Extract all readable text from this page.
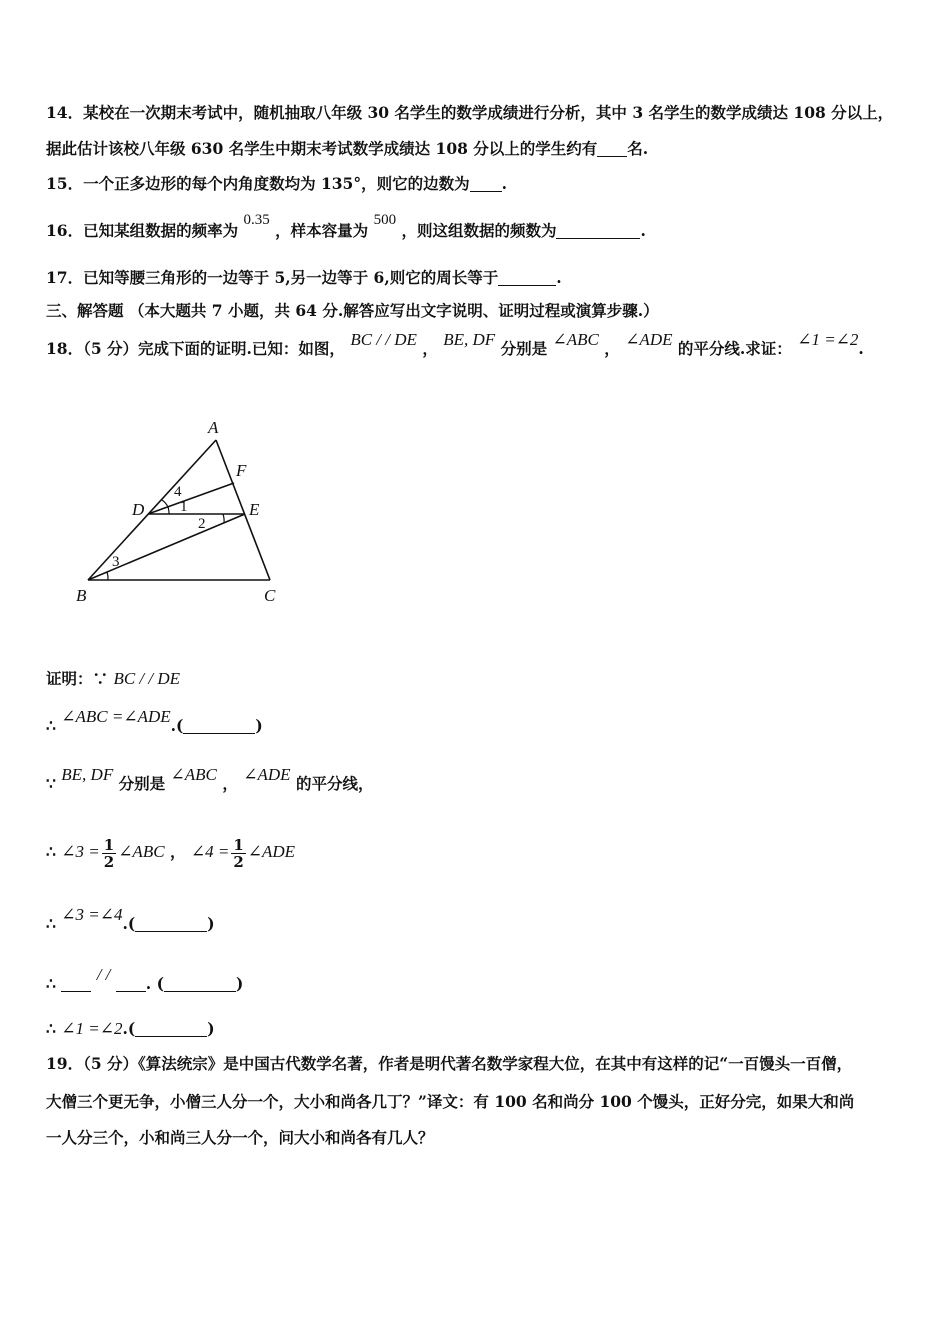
14．某校在一次期末考试中，随机抽取八年级 30 名学生的数学成绩进行分析，其中 3 名学生的数学成绩达 108 分以上，
据此估计该校八年级 630 名学生中期末考试数学成绩达 108 分以上的学生约有 名.
15．一个正多边形的每个内角度数均为 135°，则它的边数为 .
16．已知某组数据的频率为 0.35 ，样本容量为 500 ，则这组数据的频数为	.
17．已知等腰三角形的一边等于 5,另一边等于 6,则它的周长等于	.
三、解答题 （本大题共 7 小题，共 64 分.解答应写出文字说明、证明过程或演算步骤.）
18．（5 分）完成下面的证明.已知：如图， BC / / DE ， BE, DF 分别是 ∠ABC ， ∠ADE 的平分线.求证： ∠1 =∠2.
A
B	C
D	E
F
4
1
2
3
证明：∵ BC / / DE
∴ ∠ABC =∠ADE.(	)
∵ BE, DF 分别是 ∠ABC ， ∠ADE 的平分线，
∴ ∠3 = $\frac{1}{2}$ ∠ABC ， ∠4 = $\frac{1}{2}$ ∠ADE
∴ ∠3 =∠4.(	)
∴ / / . (	)
∴ ∠1 =∠2.(	)
19．（5 分）《算法统宗》是中国古代数学名著，作者是明代著名数学家程大位，在其中有这样的记“一百馒头一百僧，
大僧三个更无争，小僧三人分一个，大小和尚各几丁？”译文：有 100 名和尚分 100 个馒头，正好分完，如果大和尚
一人分三个，小和尚三人分一个，问大小和尚各有几人？
